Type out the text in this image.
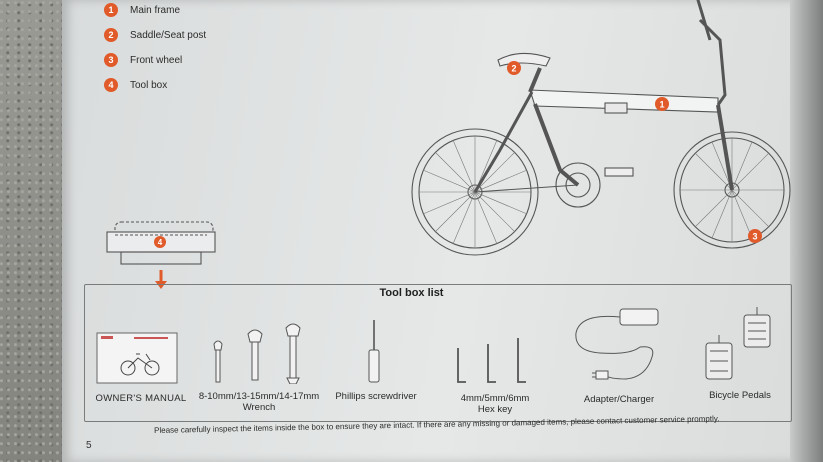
1	Main frame
2	Saddle/Seat post
3	Front wheel
4	Tool box
1
2
3
4
Tool box list
OWNER'S MANUAL 8-10mm/13-15mm/14-17mm
Wrench
Phillips screwdriver	4mm/5mm/6mm
Hex key
Adapter/Charger	Bicycle Pedals
Please carefully inspect the items inside the box to ensure they are intact. If there are any missing or damaged items, please contact customer service promptly.
5
